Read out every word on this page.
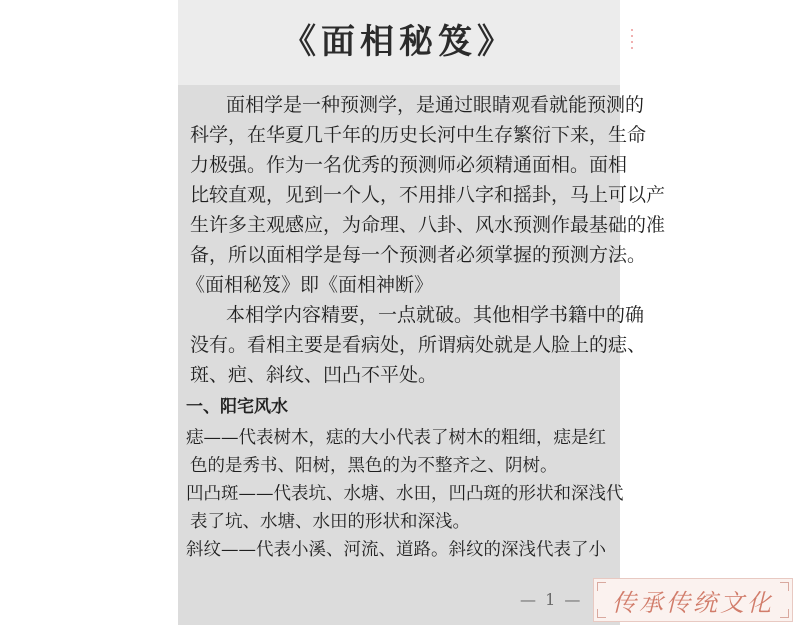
《面相秘笈》
面相学是一种预测学，是通过眼睛观看就能预测的
科学，在华夏几千年的历史长河中生存繁衍下来，生命
力极强。作为一名优秀的预测师必须精通面相。面相
比较直观，见到一个人，不用排八字和摇卦，马上可以产
生许多主观感应，为命理、八卦、风水预测作最基础的准
备，所以面相学是每一个预测者必须掌握的预测方法。
《面相秘笈》即《面相神断》
本相学内容精要，一点就破。其他相学书籍中的确
没有。看相主要是看病处，所谓病处就是人脸上的痣、
斑、疤、斜纹、凹凸不平处。
一、阳宅风水
痣——代表树木，痣的大小代表了树木的粗细，痣是红
色的是秀书、阳树，黑色的为不整齐之、阴树。
凹凸斑——代表坑、水塘、水田，凹凸斑的形状和深浅代
表了坑、水塘、水田的形状和深浅。
斜纹——代表小溪、河流、道路。斜纹的深浅代表了小
— 1 — 传承传统文化
